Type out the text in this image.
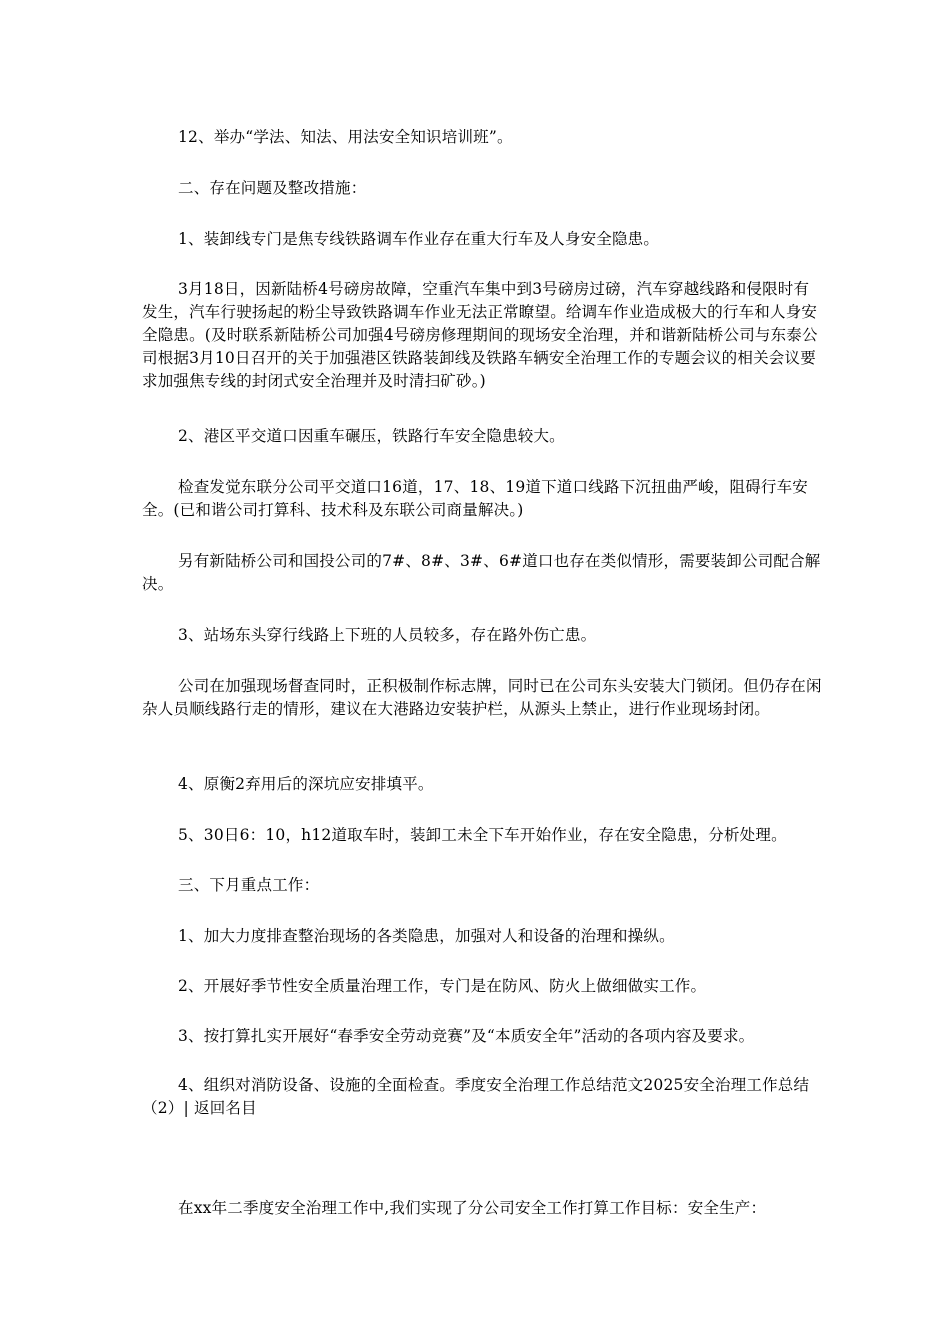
12、举办“学法、知法、用法安全知识培训班”。

二、存在问题及整改措施：

1、装卸线专门是焦专线铁路调车作业存在重大行车及人身安全隐患。

3月18日，因新陆桥4号磅房故障，空重汽车集中到3号磅房过磅，汽车穿越线路和侵限时有发生，汽车行驶扬起的粉尘导致铁路调车作业无法正常瞭望。给调车作业造成极大的行车和人身安全隐患。(及时联系新陆桥公司加强4号磅房修理期间的现场安全治理，并和谐新陆桥公司与东泰公司根据3月10日召开的关于加强港区铁路装卸线及铁路车辆安全治理工作的专题会议的相关会议要求加强焦专线的封闭式安全治理并及时清扫矿砂。)

2、港区平交道口因重车碾压，铁路行车安全隐患较大。

检查发觉东联分公司平交道口16道，17、18、19道下道口线路下沉扭曲严峻，阻碍行车安全。(已和谐公司打算科、技术科及东联公司商量解决。)

另有新陆桥公司和国投公司的7#、8#、3#、6#道口也存在类似情形，需要装卸公司配合解决。

3、站场东头穿行线路上下班的人员较多，存在路外伤亡患。

公司在加强现场督查同时，正积极制作标志牌，同时已在公司东头安装大门锁闭。但仍存在闲杂人员顺线路行走的情形，建议在大港路边安装护栏，从源头上禁止，进行作业现场封闭。

4、原衡2弃用后的深坑应安排填平。

5、30日6：10，h12道取车时，装卸工未全下车开始作业，存在安全隐患，分析处理。

三、下月重点工作：

1、加大力度排查整治现场的各类隐患，加强对人和设备的治理和操纵。

2、开展好季节性安全质量治理工作，专门是在防风、防火上做细做实工作。

3、按打算扎实开展好“春季安全劳动竞赛”及“本质安全年”活动的各项内容及要求。

4、组织对消防设备、设施的全面检查。季度安全治理工作总结范文2025安全治理工作总结（2）| 返回名目

在xx年二季度安全治理工作中,我们实现了分公司安全工作打算工作目标：安全生产：
